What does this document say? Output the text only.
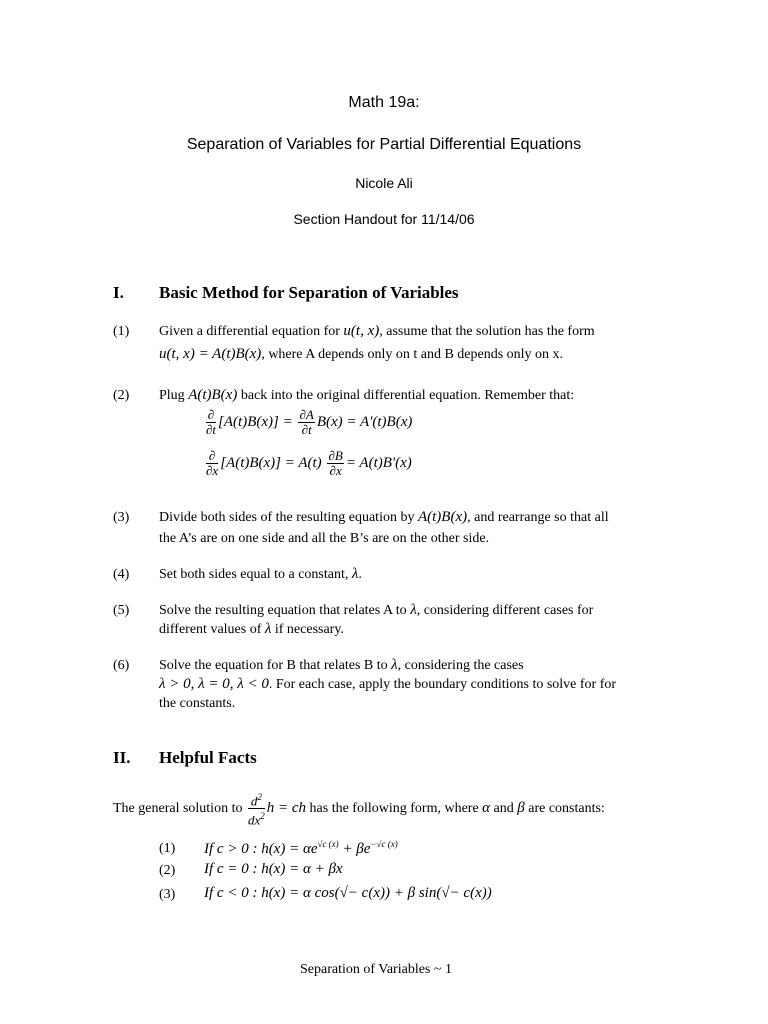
Math 19a:
Separation of Variables for Partial Differential Equations
Nicole Ali
Section Handout for 11/14/06
I. Basic Method for Separation of Variables
(1) Given a differential equation for u(t, x), assume that the solution has the form
u(t, x) = A(t)B(x), where A depends only on t and B depends only on x.
(2) Plug A(t)B(x) back into the original differential equation. Remember that:
$\frac{\partial}{\partial t} [A(t)B(x)] = \frac{\partial A}{\partial t} B(x) = A'(t)B(x)$
$\frac{\partial}{\partial x} [A(t)B(x)] = A(t) \frac{\partial B}{\partial x} = A(t)B'(x)$
(3) Divide both sides of the resulting equation by A(t)B(x), and rearrange so that all
the A’s are on one side and all the B’s are on the other side.
(4) Set both sides equal to a constant, λ.
(5) Solve the resulting equation that relates A to λ, considering different cases for
different values of λ if necessary.
(6) Solve the equation for B that relates B to λ, considering the cases
λ > 0, λ = 0, λ < 0. For each case, apply the boundary conditions to solve for for
the constants.
II. Helpful Facts
The general solution to $\frac{d^2}{dx^2}$ h = ch has the following form, where α and β are constants:
(1) If c > 0 : $h(x) = \alpha e^{√c (x)} + \beta e^{-√c (x)}$
(2) If c = 0 : h(x) = α + βx
(3) If c < 0 : h(x) = α cos(√− c(x)) + β sin(√− c(x))
Separation of Variables ~ 1
